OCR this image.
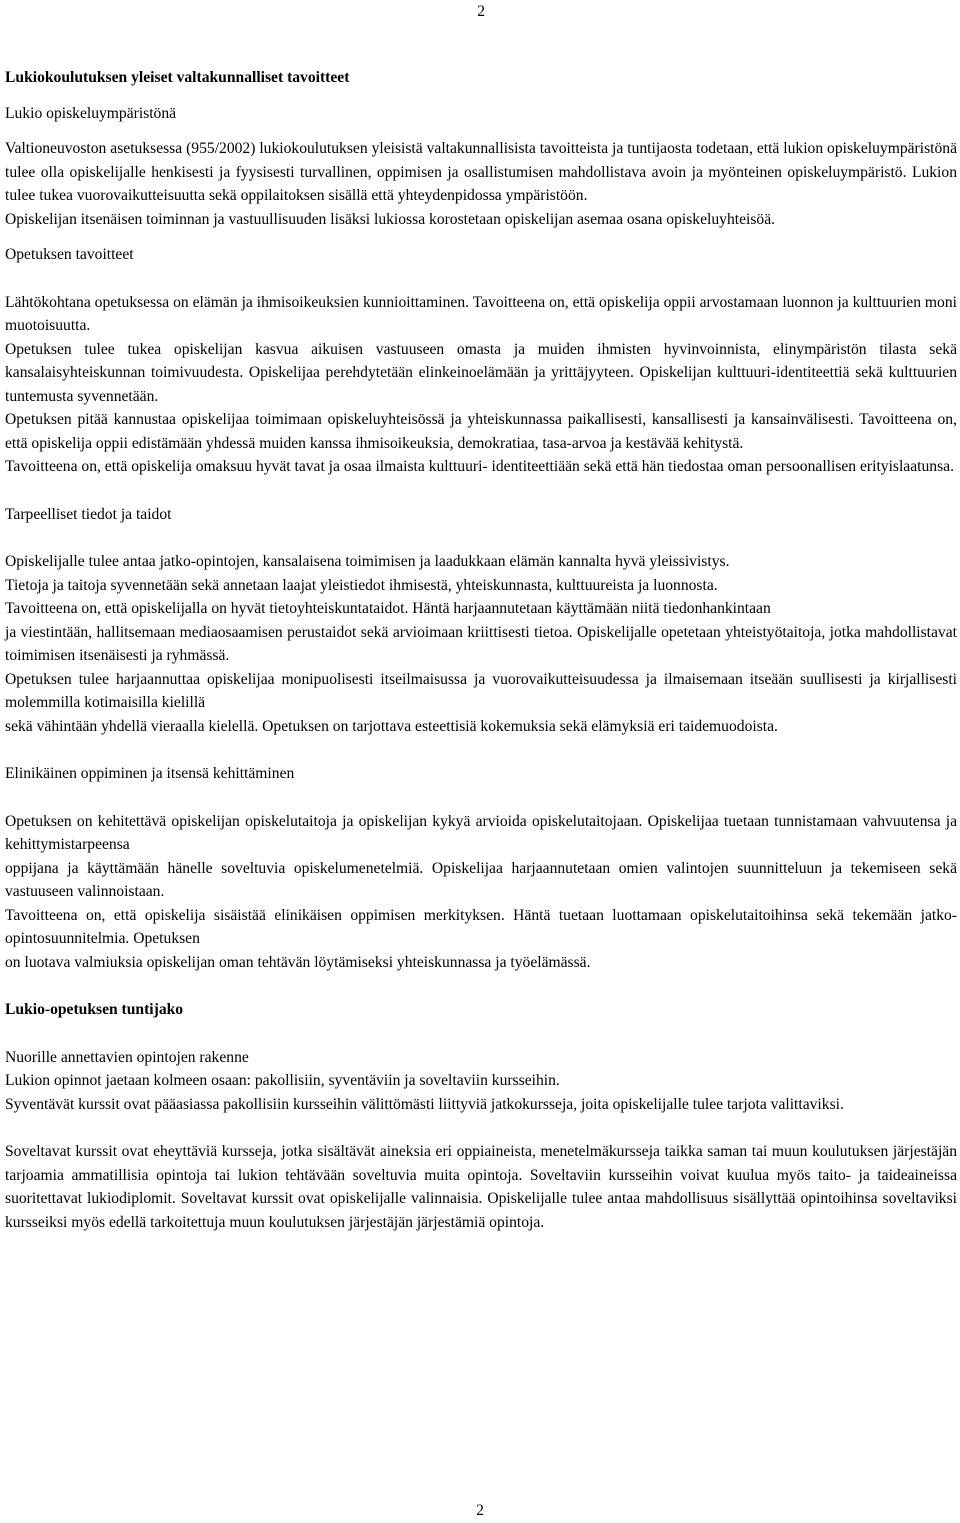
2
Lukiokoulutuksen yleiset valtakunnalliset tavoitteet
Lukio opiskeluympäristönä

Valtioneuvoston asetuksessa (955/2002) lukiokoulutuksen yleisistä valtakunnallisista tavoitteista ja tuntijaosta todetaan, että lukion opiskeluympäristönä tulee olla opiskelijalle henkisesti ja fyysisesti turvallinen, oppimisen ja osallistumisen mahdollistava avoin ja myönteinen opiskeluympäristö. Lukion tulee tukea vuorovaikutteisuutta sekä oppilaitoksen sisällä että yhteydenpidossa ympäristöön.

Opiskelijan itsenäisen toiminnan ja vastuullisuuden lisäksi lukiossa korostetaan opiskelijan asemaa osana opiskeluyhteisöä.

Opetuksen tavoitteet

Lähtökohtana opetuksessa on elämän ja ihmisoikeuksien kunnioittaminen. Tavoitteena on, että opiskelija oppii arvostamaan luonnon ja kulttuurien moni muotoisuutta.

Opetuksen tulee tukea opiskelijan kasvua aikuisen vastuuseen omasta ja muiden ihmisten hyvinvoinnista, elinympäristön tilasta sekä kansalaisyhteiskunnan toimivuudesta. Opiskelijaa perehdytetään elinkeinoelämään ja yrittäjyyteen. Opiskelijan kulttuuri-identiteettiä sekä kulttuurien tuntemusta syvennetään.

Opetuksen pitää kannustaa opiskelijaa toimimaan opiskeluyhteisössä ja yhteiskunnassa paikallisesti, kansallisesti ja kansainvälisesti. Tavoitteena on, että opiskelija oppii edistämään yhdessä muiden kanssa ihmisoikeuksia, demokratiaa, tasa-arvoa ja kestävää kehitystä.

Tavoitteena on, että opiskelija omaksuu hyvät tavat ja osaa ilmaista kulttuuri- identiteettiään sekä että hän tiedostaa oman persoonallisen erityislaatunsa.

Tarpeelliset tiedot ja taidot

Opiskelijalle tulee antaa jatko-opintojen, kansalaisena toimimisen ja laadukkaan elämän kannalta hyvä yleissivistys.

Tietoja ja taitoja syvennetään sekä annetaan laajat yleistiedot ihmisestä, yhteiskunnasta, kulttuureista ja luonnosta.

Tavoitteena on, että opiskelijalla on hyvät tietoyhteiskuntataidot. Häntä harjaannutetaan käyttämään niitä tiedonhankintaan

ja viestintään, hallitsemaan mediaosaamisen perustaidot sekä arvioimaan kriittisesti tietoa. Opiskelijalle opetetaan yhteistyötaitoja, jotka mahdollistavat toimimisen itsenäisesti ja ryhmässä.

Opetuksen tulee harjaannuttaa opiskelijaa monipuolisesti itseilmaisussa ja vuorovaikutteisuudessa ja ilmaisemaan itseään suullisesti ja kirjallisesti molemmilla kotimaisilla kielillä

sekä vähintään yhdellä vieraalla kielellä. Opetuksen on tarjottava esteettisiä kokemuksia sekä elämyksiä eri taidemuodoista.

Elinikäinen oppiminen ja itsensä kehittäminen

Opetuksen on kehitettävä opiskelijan opiskelutaitoja ja opiskelijan kykyä arvioida opiskelutaitojaan. Opiskelijaa tuetaan tunnistamaan vahvuutensa ja kehittymistarpeensa

oppijana ja käyttämään hänelle soveltuvia opiskelumenetelmiä. Opiskelijaa harjaannutetaan omien valintojen suunnitteluun ja tekemiseen sekä vastuuseen valinnoistaan.

Tavoitteena on, että opiskelija sisäistää elinikäisen oppimisen merkityksen. Häntä tuetaan luottamaan opiskelutaitoihinsa sekä tekemään jatko-opintosuunnitelmia. Opetuksen

on luotava valmiuksia opiskelijan oman tehtävän löytämiseksi yhteiskunnassa ja työelämässä.

Lukio-opetuksen tuntijako
Nuorille annettavien opintojen rakenne

Lukion opinnot jaetaan kolmeen osaan: pakollisiin, syventäviin ja soveltaviin kursseihin.

Syventävät kurssit ovat pääasiassa pakollisiin kursseihin välittömästi liittyviä jatkokursseja, joita opiskelijalle tulee tarjota valittaviksi.

Soveltavat kurssit ovat eheyttäviä kursseja, jotka sisältävät aineksia eri oppiaineista, menetelmäkursseja taikka saman tai muun koulutuksen järjestäjän tarjoamia ammatillisia opintoja tai lukion tehtävään soveltuvia muita opintoja. Soveltaviin kursseihin voivat kuulua myös taito- ja taideaineissa suoritettavat lukiodiplomit. Soveltavat kurssit ovat opiskelijalle valinnaisia. Opiskelijalle tulee antaa mahdollisuus sisällyttää opintoihinsa soveltaviksi kursseiksi myös edellä tarkoitettuja muun koulutuksen järjestäjän järjestämiä opintoja.

2
